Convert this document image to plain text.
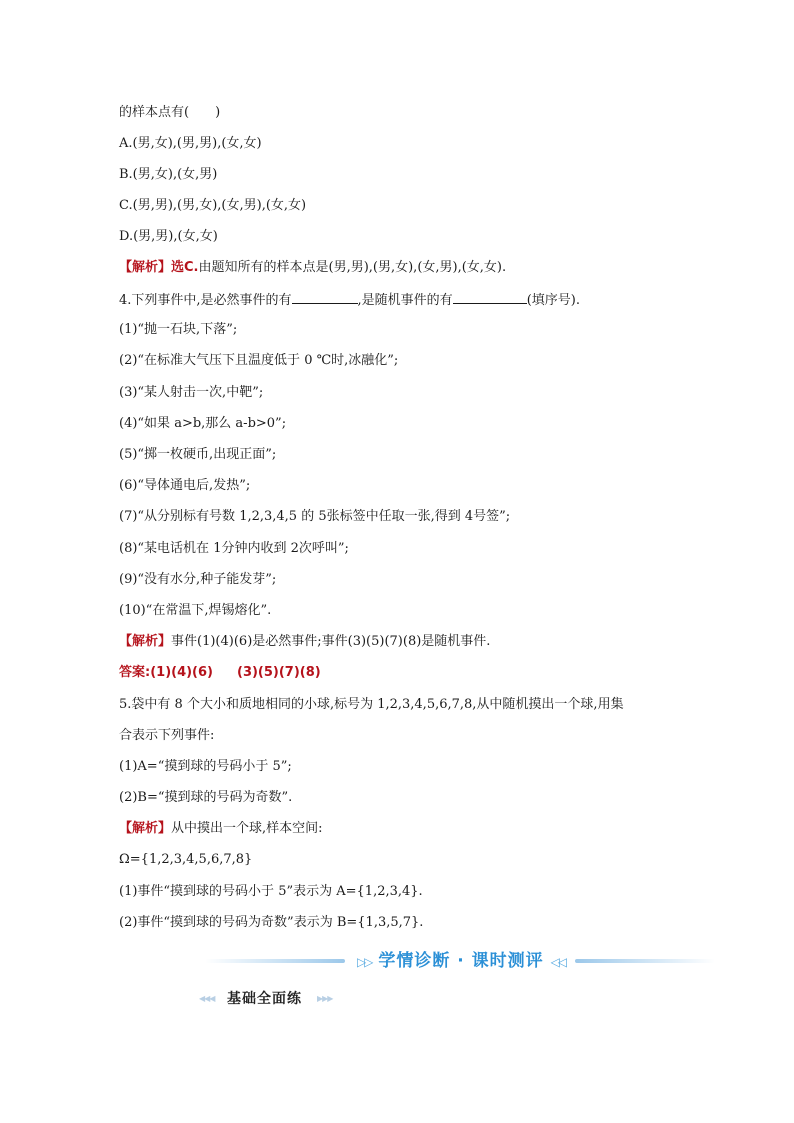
的样本点有(　　)
A.(男,女),(男,男),(女,女)
B.(男,女),(女,男)
C.(男,男),(男,女),(女,男),(女,女)
D.(男,男),(女,女)
【解析】选C.由题知所有的样本点是(男,男),(男,女),(女,男),(女,女).
4.下列事件中,是必然事件的有	,是随机事件的有	(填序号).
(1)“抛一石块,下落”;
(2)“在标准大气压下且温度低于 0 ℃时,冰融化”;
(3)“某人射击一次,中靶”;
(4)“如果 a>b,那么 a-b>0”;
(5)“掷一枚硬币,出现正面”;
(6)“导体通电后,发热”;
(7)“从分别标有号数 1,2,3,4,5 的 5张标签中任取一张,得到 4号签”;
(8)“某电话机在 1分钟内收到 2次呼叫”;
(9)“没有水分,种子能发芽”;
(10)“在常温下,焊锡熔化”.
【解析】事件(1)(4)(6)是必然事件;事件(3)(5)(7)(8)是随机事件.
答案:(1)(4)(6) (3)(5)(7)(8)
5.袋中有 8 个大小和质地相同的小球,标号为 1,2,3,4,5,6,7,8,从中随机摸出一个球,用集
合表示下列事件:
(1)A=“摸到球的号码小于 5”;
(2)B=“摸到球的号码为奇数”.
【解析】从中摸出一个球,样本空间:
Ω={1,2,3,4,5,6,7,8}
(1)事件“摸到球的号码小于 5”表示为 A={1,2,3,4}.
(2)事件“摸到球的号码为奇数”表示为 B={1,3,5,7}.
▷▷ 学情诊断 · 课时测评 ◁◁
◀◀◀ 基础全面练 ▶▶▶
